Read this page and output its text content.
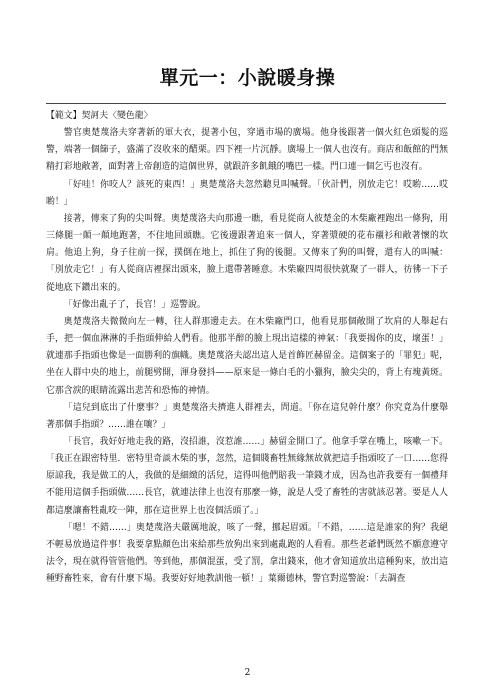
單元一：小說暖身操
【範文】契訶夫〈變色龍〉

警官奧楚蔑洛夫穿著新的軍大衣，提著小包，穿過市場的廣場。他身後跟著一個火紅色頭髮的巡警，端著一個篩子，盛滿了沒收來的醋栗。四下裡一片沉靜。廣場上一個人也沒有。商店和飯館的門無精打彩地敞著，面對著上帝創造的這個世界，就跟許多飢餓的嘴巴一樣。門口連一個乞丐也沒有。

「好哇！你咬人？該死的東西！」奧楚蔑洛夫忽然聽見叫喊聲。「伙計們，別放走它！哎喲……哎喲！」

接著，傳來了狗的尖叫聲。奧楚蔑洛夫向那邊一瞧，看見從商人彼楚金的木柴廠裡跑出一條狗，用三條腿一顛一顛地跑著，不住地回頭瞧。它後邊跟著追來一個人，穿著漿硬的花布襯衫和敞著懷的坎肩。他追上狗，身子往前一探，撲倒在地上，抓住了狗的後腿。又傳來了狗的叫聲，還有人的叫喊：「別放走它！」有人從商店裡探出頭來，臉上還帶著睡意。木柴廠四周很快就聚了一群人，彷彿一下子從地底下鑽出來的。

「好像出亂子了，長官！」巡警說。

奧楚蔑洛夫微微向左一轉，往人群那邊走去。在木柴廠門口，他看見那個敞開了坎肩的人舉起右手，把一個血淋淋的手指頭伸給人們看。他那半醉的臉上現出這樣的神氣：「我要揭你的皮，壞蛋！」就連那手指頭也像是一面勝利的旗幟。奧楚蔑洛夫認出這人是首飾匠赫留金。這個案子的「罪犯」呢，坐在人群中央的地上，前腿劈開，渾身發抖——原來是一條白毛的小獵狗，臉尖尖的，背上有塊黃斑。它那含淚的眼睛流露出悲苦和恐怖的神情。

「這兒到底出了什麼事？」奧楚蔑洛夫擠進人群裡去，問道。「你在這兒幹什麼？你究竟為什麼舉著那個手指頭？……誰在嚷？」

「長官，我好好地走我的路，沒招誰，沒惹誰……」赫留金開口了。他拿手掌在嘴上，咳嗽一下。「我正在跟密特里．密特里奇談木柴的事，忽然，這個賤畜牲無緣無故就把這手指頭咬了一口……您得原諒我，我是做工的人，我做的是細緻的活兒，這得叫他們賠我一筆錢才成，因為也許我要有一個禮拜不能用這個手指頭做……長官，就連法律上也沒有那麼一條，說是人受了畜牲的害就該忍著。要是人人都這麼讓畜牲亂咬一陣，那在這世界上也沒個活頭了。」

「嗯！不錯……」奧楚蔑洛夫嚴厲地說，咳了一聲，挪起眉頭。「不錯，……這是誰家的狗？我絕不輕易放過這件事！我要拿點顏色出來給那些放狗出來到處亂跑的人看看。那些老爺們既然不願意遵守法令，現在就得管管他們。等到他，那個混蛋，受了罰，拿出錢來，他才會知道放出這種狗來，放出這種野畜牲來，會有什麼下場。我要好好地教訓他一頓！」葉爾德林，警官對巡警說：「去調查

2
